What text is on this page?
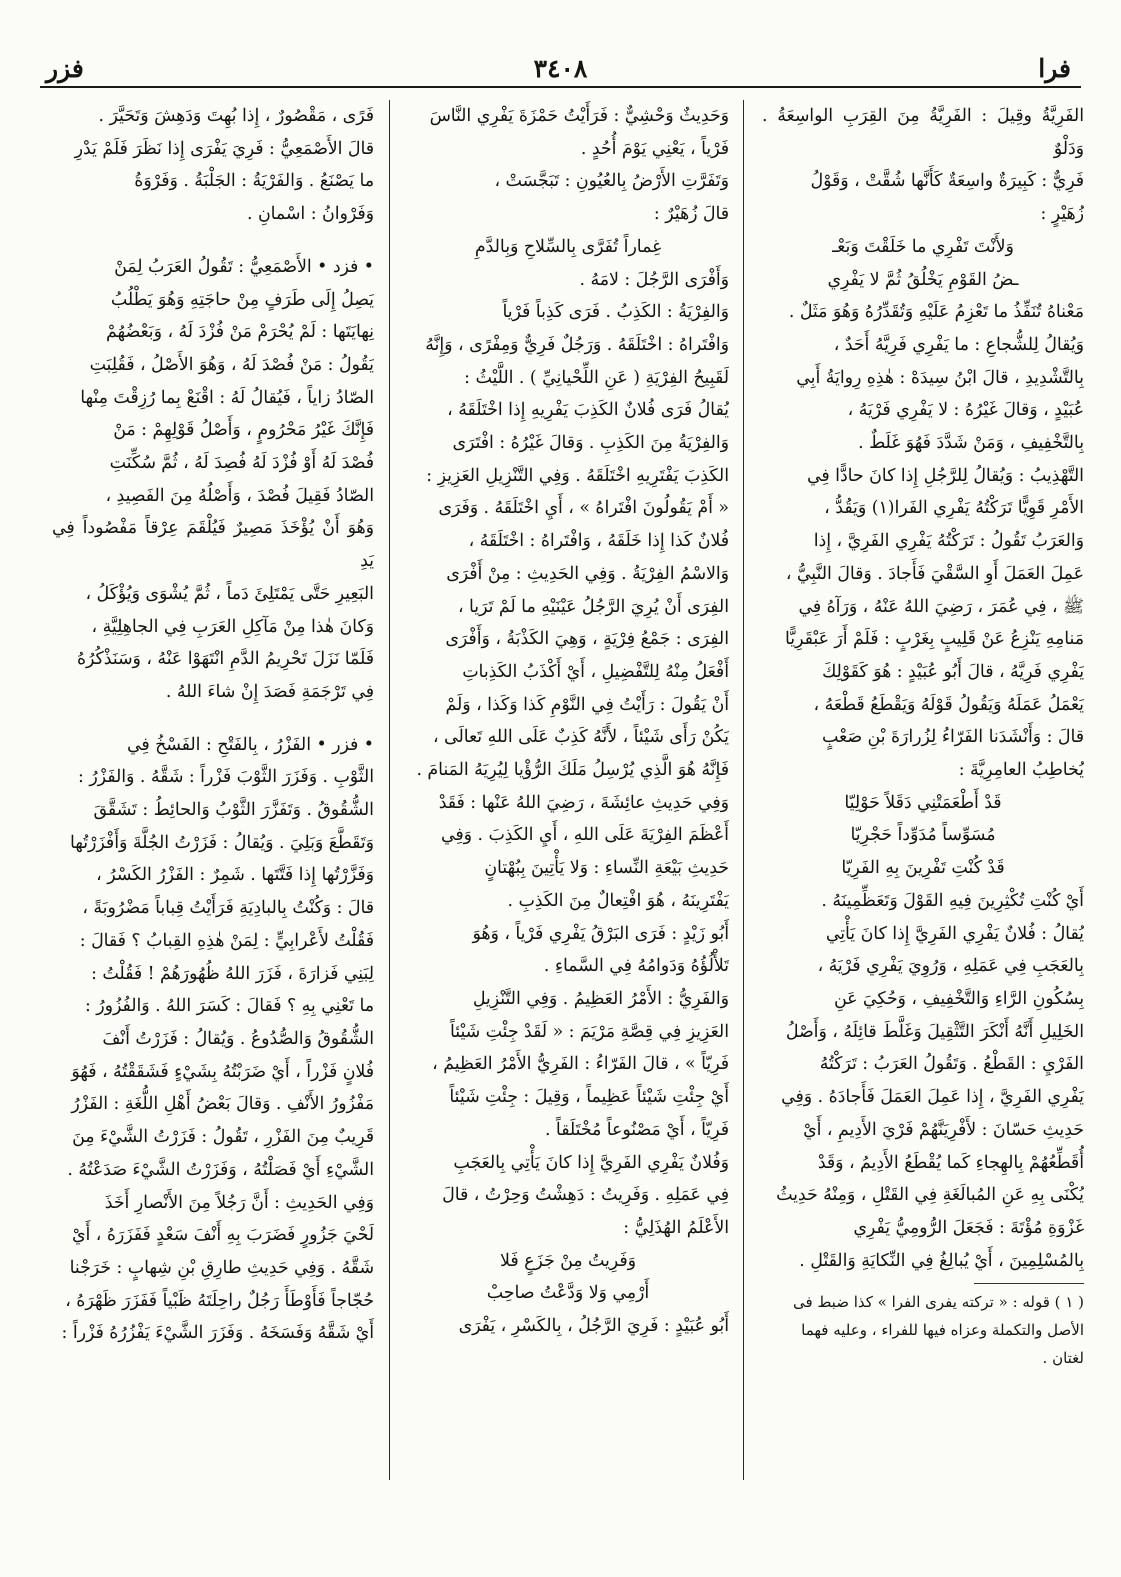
فرا
٣٤٠٨
فزر

الفَرِيَّةُ وقِيلَ : الفَرِيَّةُ مِنَ القِرَبِ الواسِعَةُ . وَدَلْوٌ

فَرِيٌّ : كَبِيرَةٌ واسِعَةٌ كَأَنَّها شُقَّتْ ، وَقَوْلُ

زُهَيْرٍ :

وَلأَنْتَ تَفْرِي ما خَلَقْتَ وَبَعْـ

ـضُ القَوْمِ يَخْلُقُ ثُمَّ لا يَفْرِي

مَعْناهُ تُنَفِّذُ ما تَعْزِمُ عَلَيْهِ وَتُقَدِّرُهُ وَهُوَ مَثَلٌ .

وَيُقالُ لِلشُّجاعِ : ما يَفْرِي فَرِيَّهُ أَحَدٌ ،

بِالتَّشْدِيدِ ، قالَ ابْنُ سِيدَهْ : هٰذِهِ رِوايَةُ أَبِي

عُبَيْدٍ ، وَقالَ غَيْرُهُ : لا يَفْرِي فَرْيَهُ ،

بِالتَّخْفِيفِ ، وَمَنْ شَدَّدَ فَهُوَ غَلَطٌ .

التَّهْذِيبُ : وَيُقالُ لِلرَّجُلِ إِذا كانَ حادًّا فِي

الأَمْرِ قَوِيًّا تَرَكْتُهُ يَفْرِي الفَرا(١) وَيَقُدُّ ،

وَالعَرَبُ تَقُولُ : تَرَكْتُهُ يَفْرِي الفَرِيَّ ، إِذا

عَمِلَ العَمَلَ أَوِ السَّقْيَ فَأَجادَ . وَقالَ النَّبِيُّ ،

ﷺ ، فِي عُمَرَ ، رَضِيَ اللهُ عَنْهُ ، وَرَآهُ فِي

مَنامِهِ يَنْزِعُ عَنْ قَلِيبٍ بِغَرْبٍ : فَلَمْ أَرَ عَبْقَرِيًّا

يَفْرِي فَرِيَّهُ ، قالَ أَبُو عُبَيْدٍ : هُوَ كَقَوْلِكَ

يَعْمَلُ عَمَلَهُ وَيَقُولُ قَوْلَهُ وَيَقْطَعُ قَطْعَهُ ،

قالَ : وَأَنْشَدَنا الفَرّاءُ لِزُرارَةَ بْنِ صَعْبٍ

يُخاطِبُ العامِرِيَّةَ :

قَدْ أَطْعَمَتْنِي دَقَلاً حَوْلِيّا

مُسَوِّساً مُدَوِّداً حَجْرِيّا

قَدْ كُنْتِ تَفْرِينَ بِهِ الفَرِيّا

أَيْ كُنْتِ تُكْثِرِينَ فِيهِ القَوْلَ وَتَعَظِّمِينَهُ .

يُقالُ : فُلانٌ يَفْرِي الفَرِيَّ إِذا كانَ يَأْتِي

بِالعَجَبِ فِي عَمَلِهِ ، وَرُوِيَ يَفْرِي فَرْيَهُ ،

بِسُكُونِ الرَّاءِ وَالتَّخْفِيفِ ، وَحُكِيَ عَنِ

الخَلِيلِ أَنَّهُ أَنْكَرَ التَّثْقِيلَ وَغَلَّطَ قائِلَهُ ، وَأَصْلُ

الفَرْيِ : القَطْعُ . وَتَقُولُ العَرَبُ : تَرَكْتُهُ

يَفْرِي الفَرِيَّ ، إِذا عَمِلَ العَمَلَ فَأَجادَهُ . وَفِي

حَدِيثِ حَسّانَ : لأَفْرِيَنَّهُمْ فَرْيَ الأَدِيمِ ، أَيْ

أُقَطِّعُهُمْ بِالهِجاءِ كَما يُقْطَعُ الأَدِيمُ ، وَقَدْ

يُكْنَى بِهِ عَنِ المُبالَغَةِ فِي القَتْلِ ، وَمِنْهُ حَدِيثُ

غَزْوَةِ مُؤْتَةَ : فَجَعَلَ الرُّومِيُّ يَفْرِي

بِالمُسْلِمِينَ ، أَيْ يُبالِغُ فِي النِّكايَةِ وَالقَتْلِ .

( ١ ) قوله : « تركته يفرى الفرا » كذا ضبط فى

الأصل والتكملة وعزاه فيها للفراء ، وعليه فهما

لغتان .

وَحَدِيثٌ وَحْشِيٌّ : فَرَأَيْتُ حَمْزَةَ يَفْرِي النَّاسَ

فَرْياً ، يَعْنِي يَوْمَ أُحُدٍ .

وَتَفَرَّتِ الأَرْضُ بِالعُيُونِ : تَبَجَّسَتْ ،

قالَ زُهَيْرٌ :

غِماراً تُفَرَّى بِالسِّلاحِ وَبِالدَّمِ

وَأَفْرَى الرَّجُلَ : لامَهُ .

وَالفِرْيَةُ : الكَذِبُ . فَرَى كَذِباً فَرْياً

وَافْتَراهُ : اخْتَلَقَهُ . وَرَجُلٌ فَرِيٌّ وَمِفْرًى ، وَإِنَّهُ

لَقَبِيحُ الفِرْيَةِ ( عَنِ اللِّحْيانِيِّ ) . اللَّيْثُ :

يُقالُ فَرَى فُلانٌ الكَذِبَ يَفْرِيهِ إِذا اخْتَلَقَهُ ،

وَالفِرْيَةُ مِنَ الكَذِبِ . وَقالَ غَيْرُهُ : افْتَرَى

الكَذِبَ يَفْتَرِيهِ اخْتَلَقَهُ . وَفِي التَّنْزِيلِ العَزِيزِ :

« أَمْ يَقُولُونَ افْتَراهُ » ، أَيِ اخْتَلَقَهُ . وَفَرَى

فُلانٌ كَذا إِذا خَلَقَهُ ، وَافْتَراهُ : اخْتَلَقَهُ ،

وَالاسْمُ الفِرْيَةُ . وَفِي الحَدِيثِ : مِنْ أَفْرَى

الفِرَى أَنْ يُرِيَ الرَّجُلُ عَيْنَيْهِ ما لَمْ تَرَيا ،

الفِرَى : جَمْعُ فِرْيَةٍ ، وَهِيَ الكَذْبَةُ ، وَأَفْرَى

أَفْعَلُ مِنْهُ لِلتَّفْضِيلِ ، أَيْ أَكْذَبُ الكَذِباتِ

أَنْ يَقُولَ : رَأَيْتُ فِي النَّوْمِ كَذا وَكَذا ، وَلَمْ

يَكُنْ رَأَى شَيْئاً ، لأَنَّهُ كَذِبٌ عَلَى اللهِ تَعالَى ،

فَإِنَّهُ هُوَ الَّذِي يُرْسِلُ مَلَكَ الرُّؤْيا لِيُرِيَهُ المَنامَ .

وَفِي حَدِيثِ عائِشَةَ ، رَضِيَ اللهُ عَنْها : فَقَدْ

أَعْظَمَ الفِرْيَةَ عَلَى اللهِ ، أَيِ الكَذِبَ . وَفِي

حَدِيثِ بَيْعَةِ النِّساءِ : وَلا يَأْتِينَ بِبُهْتانٍ

يَفْتَرِينَهُ ، هُوَ افْتِعالٌ مِنَ الكَذِبِ .

أَبُو زَيْدٍ : فَرَى البَرْقُ يَفْرِي فَرْياً ، وَهُوَ

تَلأْلُؤُهُ وَدَوامُهُ فِي السَّماءِ .

وَالفَرِيُّ : الأَمْرُ العَظِيمُ . وَفِي التَّنْزِيلِ

العَزِيزِ فِي قِصَّةِ مَرْيَمَ : « لَقَدْ جِئْتِ شَيْئاً

فَرِيّاً » ، قالَ الفَرّاءُ : الفَرِيُّ الأَمْرُ العَظِيمُ ،

أَيْ جِئْتِ شَيْئاً عَظِيماً ، وَقِيلَ : جِئْتِ شَيْئاً

فَرِيّاً ، أَيْ مَصْنُوعاً مُخْتَلَقاً .

وَفُلانٌ يَفْرِي الفَرِيَّ إِذا كانَ يَأْتِي بِالعَجَبِ

فِي عَمَلِهِ . وَفَرِيتُ : دَهِشْتُ وَحِرْتُ ، قالَ

الأَعْلَمُ الهُذَلِيُّ :

وَفَرِيتُ مِنْ جَزَعٍ فَلا

أَرْمِي وَلا وَدَّعْتُ صاحِبْ

أَبُو عُبَيْدٍ : فَرِيَ الرَّجُلُ ، بِالكَسْرِ ، يَفْرَى

فَرًى ، مَقْصُورٌ ، إِذا بُهِتَ وَدَهِشَ وَتَحَيَّرَ .

قالَ الأَصْمَعِيُّ : فَرِيَ يَفْرَى إِذا نَظَرَ فَلَمْ يَدْرِ

ما يَصْنَعُ . وَالفَرْيَةُ : الجَلْبَةُ . وَفَرْوَةُ

وَفَرْوانُ : اسْمانِ .

• فزد • الأَصْمَعِيُّ : تَقُولُ العَرَبُ لِمَنْ

يَصِلُ إِلَى طَرَفٍ مِنْ حاجَتِهِ وَهُوَ يَطْلُبُ

نِهايَتَها : لَمْ يُحْرَمْ مَنْ فُزْدَ لَهُ ، وَبَعْضُهُمْ

يَقُولُ : مَنْ فُصْدَ لَهُ ، وَهُوَ الأَصْلُ ، فَقُلِبَتِ

الصّادُ زاياً ، فَيُقالُ لَهُ : اقْنَعْ بِما رُزِقْتَ مِنْها

فَإِنَّكَ غَيْرُ مَحْرُومٍ ، وَأَصْلُ قَوْلِهِمْ : مَنْ

فُصْدَ لَهُ أَوْ فُزْدَ لَهُ فُصِدَ لَهُ ، ثُمَّ سُكِّنَتِ

الصّادُ فَقِيلَ فُصْدَ ، وَأَصْلُهُ مِنَ الفَصِيدِ ،

وَهُوَ أَنْ يُؤْخَذَ مَصِيرٌ فَيُلْقَمَ عِرْقاً مَفْصُوداً فِي يَدِ

البَعِيرِ حَتَّى يَمْتَلِئَ دَماً ، ثُمَّ يُشْوَى وَيُؤْكَلُ ،

وَكانَ هٰذا مِنْ مَآكِلِ العَرَبِ فِي الجاهِلِيَّةِ ،

فَلَمّا نَزَلَ تَحْرِيمُ الدَّمِ انْتَهَوْا عَنْهُ ، وَسَنَذْكُرُهُ

فِي تَرْجَمَةِ فَصَدَ إِنْ شاءَ اللهُ .

• فزر • الفَزْرُ ، بِالفَتْحِ : الفَسْخُ فِي

الثَّوْبِ . وَفَزَرَ الثَّوْبَ فَزْراً : شَقَّهُ . وَالفَزْرُ :

الشُّقُوقُ . وَتَفَزَّرَ الثَّوْبُ وَالحائِطُ : تَشَقَّقَ

وَتَقَطَّعَ وَبَلِيَ . وَيُقالُ : فَزَرْتُ الجُلَّةَ وَأَفْزَرْتُها

وَفَزَّرْتُها إِذا فَتَّتَها . شَمِرٌ : الفَزْرُ الكَسْرُ ،

قالَ : وَكُنْتُ بِالبادِيَةِ فَرَأَيْتُ قِباباً مَضْرُوبَةً ،

فَقُلْتُ لأَعْرابِيٍّ : لِمَنْ هٰذِهِ القِبابُ ؟ فَقالَ :

لِبَنِي فَزارَةَ ، فَزَرَ اللهُ ظُهُورَهُمْ ! فَقُلْتُ :

ما تَعْنِي بِهِ ؟ فَقالَ : كَسَرَ اللهُ . وَالفُزُورُ :

الشُّقُوقُ وَالصُّدُوعُ . وَيُقالُ : فَزَرْتُ أَنْفَ

فُلانٍ فَزْراً ، أَيْ ضَرَبْتُهُ بِشَيْءٍ فَشَقَقْتُهُ ، فَهُوَ

مَفْزُورُ الأَنْفِ . وَقالَ بَعْضُ أَهْلِ اللُّغَةِ : الفَزْرُ

قَرِيبٌ مِنَ الفَزْرِ ، تَقُولُ : فَزَرْتُ الشَّيْءَ مِنَ

الشَّيْءِ أَيْ فَصَلْتُهُ ، وَفَزَرْتُ الشَّيْءَ صَدَعْتُهُ .

وَفِي الحَدِيثِ : أَنَّ رَجُلاً مِنَ الأَنْصارِ أَخَذَ

لَحْيَ جَزُورٍ فَضَرَبَ بِهِ أَنْفَ سَعْدٍ فَفَزَرَهُ ، أَيْ

شَقَّهُ . وَفِي حَدِيثِ طارِقِ بْنِ شِهابٍ : خَرَجْنا

حُجّاجاً فَأَوْطَأَ رَجُلٌ راحِلَتَهُ ظَبْياً فَفَزَرَ ظَهْرَهُ ،

أَيْ شَقَّهُ وَفَسَخَهُ . وَفَزَرَ الشَّيْءَ يَفْزُرُهُ فَزْراً :
